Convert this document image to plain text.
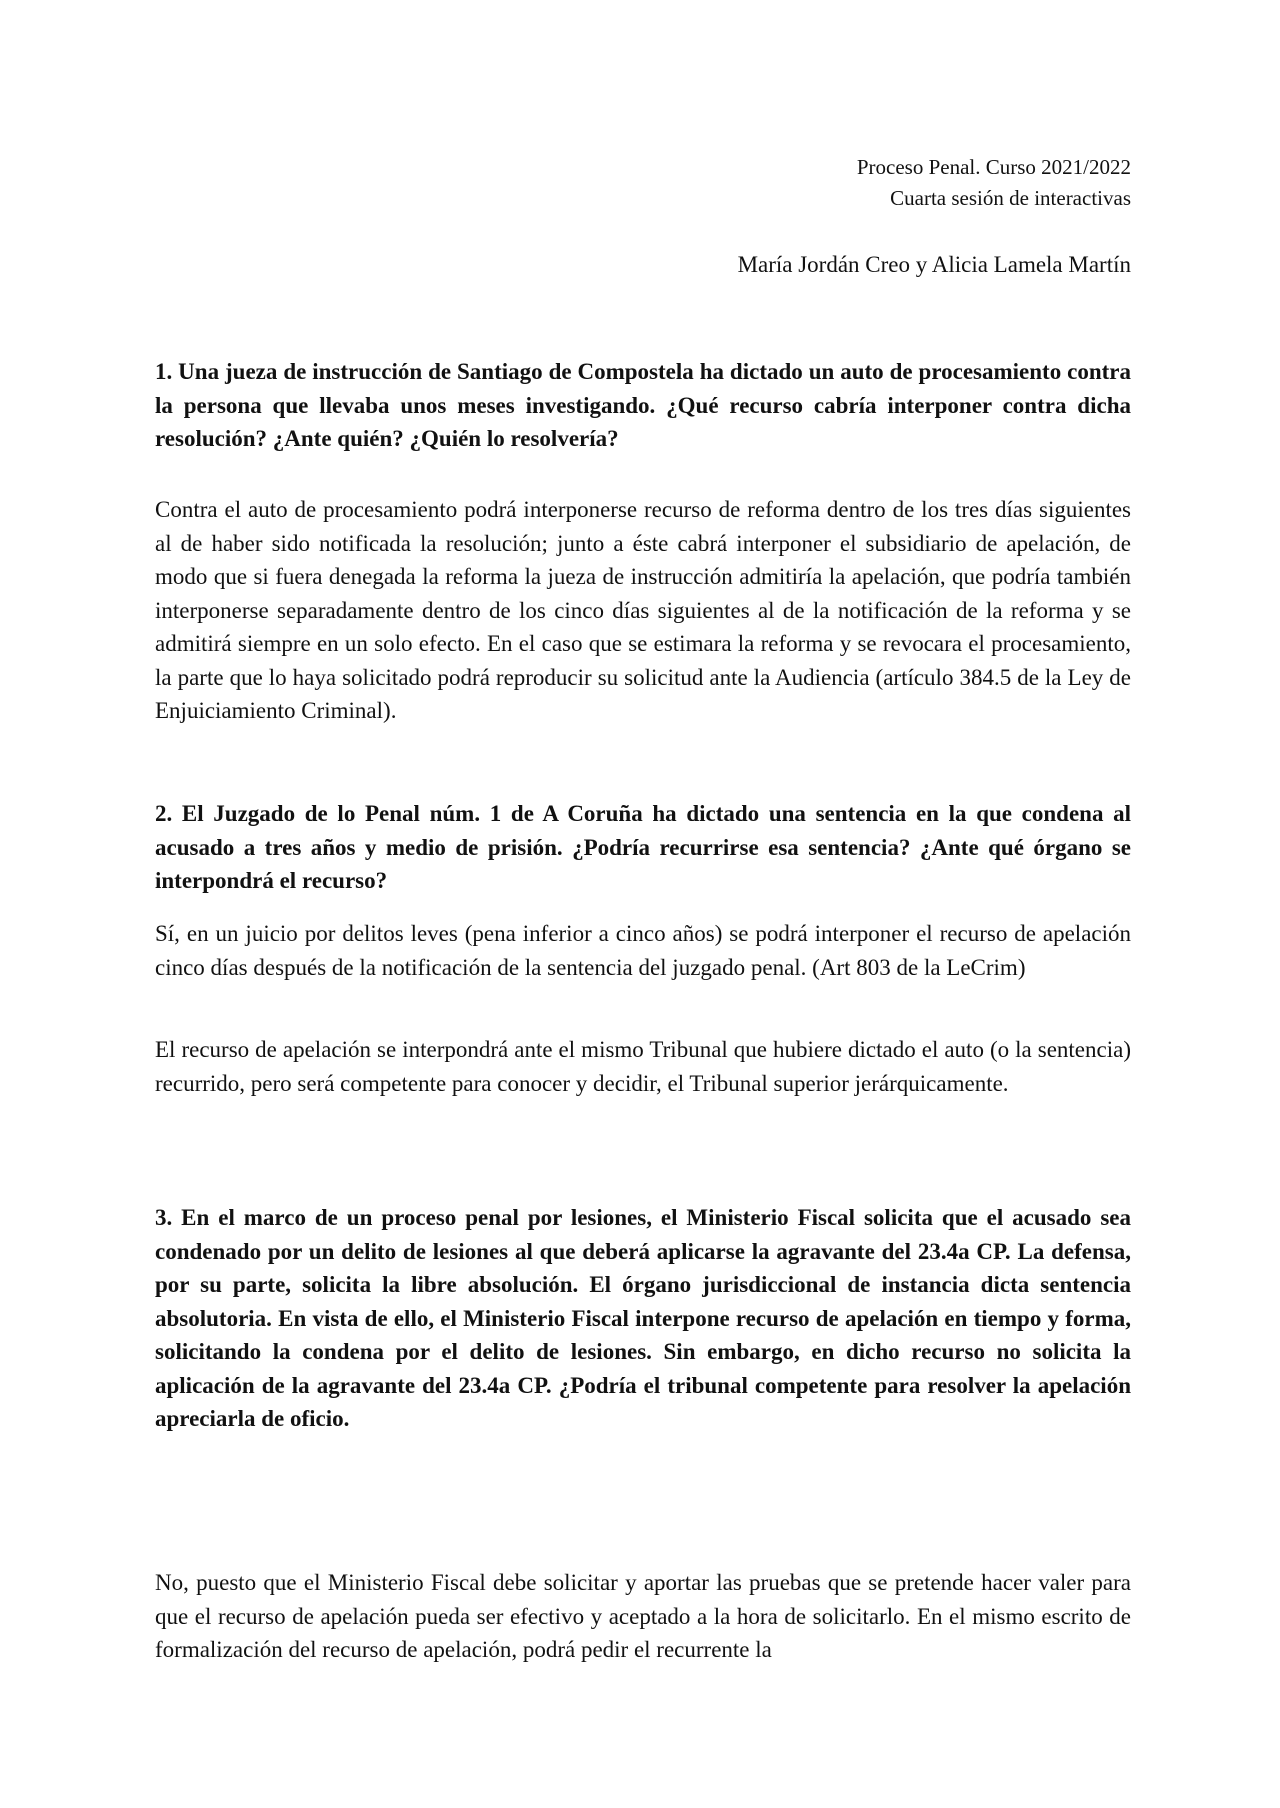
Proceso Penal. Curso 2021/2022
Cuarta sesión de interactivas
María Jordán Creo y Alicia Lamela Martín

1. Una jueza de instrucción de Santiago de Compostela ha dictado un auto de procesamiento contra la persona que llevaba unos meses investigando. ¿Qué recurso cabría interponer contra dicha resolución? ¿Ante quién? ¿Quién lo resolvería?

Contra el auto de procesamiento podrá interponerse recurso de reforma dentro de los tres días siguientes al de haber sido notificada la resolución; junto a éste cabrá interponer el subsidiario de apelación, de modo que si fuera denegada la reforma la jueza de instrucción admitiría la apelación, que podría también interponerse separadamente dentro de los cinco días siguientes al de la notificación de la reforma y se admitirá siempre en un solo efecto. En el caso que se estimara la reforma y se revocara el procesamiento, la parte que lo haya solicitado podrá reproducir su solicitud ante la Audiencia (artículo 384.5 de la Ley de Enjuiciamiento Criminal).

2. El Juzgado de lo Penal núm. 1 de A Coruña ha dictado una sentencia en la que condena al acusado a tres años y medio de prisión. ¿Podría recurrirse esa sentencia? ¿Ante qué órgano se interpondrá el recurso?

Sí, en un juicio por delitos leves (pena inferior a cinco años) se podrá interponer el recurso de apelación cinco días después de la notificación de la sentencia del juzgado penal. (Art 803 de la LeCrim)

El recurso de apelación se interpondrá ante el mismo Tribunal que hubiere dictado el auto (o la sentencia) recurrido, pero será competente para conocer y decidir, el Tribunal superior jerárquicamente.

3. En el marco de un proceso penal por lesiones, el Ministerio Fiscal solicita que el acusado sea condenado por un delito de lesiones al que deberá aplicarse la agravante del 23.4a CP. La defensa, por su parte, solicita la libre absolución. El órgano jurisdiccional de instancia dicta sentencia absolutoria. En vista de ello, el Ministerio Fiscal interpone recurso de apelación en tiempo y forma, solicitando la condena por el delito de lesiones. Sin embargo, en dicho recurso no solicita la aplicación de la agravante del 23.4a CP. ¿Podría el tribunal competente para resolver la apelación apreciarla de oficio.

No, puesto que el Ministerio Fiscal debe solicitar y aportar las pruebas que se pretende hacer valer para que el recurso de apelación pueda ser efectivo y aceptado a la hora de solicitarlo. En el mismo escrito de formalización del recurso de apelación, podrá pedir el recurrente la
